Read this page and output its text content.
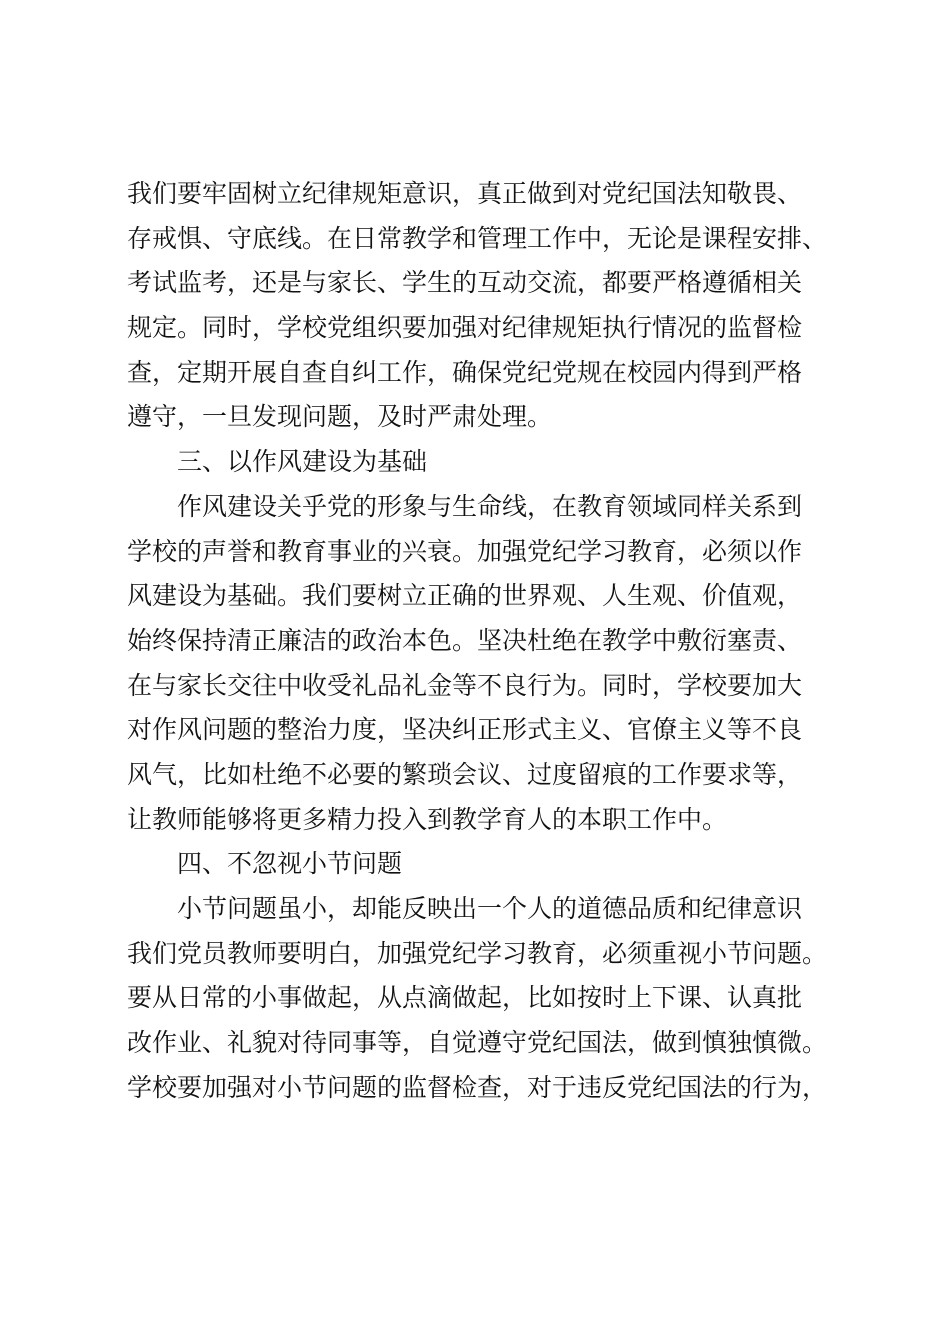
我们要牢固树立纪律规矩意识，真正做到对党纪国法知敬畏、
存戒惧、守底线。在日常教学和管理工作中，无论是课程安排、
考试监考，还是与家长、学生的互动交流，都要严格遵循相关
规定。同时，学校党组织要加强对纪律规矩执行情况的监督检
查，定期开展自查自纠工作，确保党纪党规在校园内得到严格
遵守，一旦发现问题，及时严肃处理。
三、以作风建设为基础
作风建设关乎党的形象与生命线，在教育领域同样关系到
学校的声誉和教育事业的兴衰。加强党纪学习教育，必须以作
风建设为基础。我们要树立正确的世界观、人生观、价值观，
始终保持清正廉洁的政治本色。坚决杜绝在教学中敷衍塞责、
在与家长交往中收受礼品礼金等不良行为。同时，学校要加大
对作风问题的整治力度，坚决纠正形式主义、官僚主义等不良
风气，比如杜绝不必要的繁琐会议、过度留痕的工作要求等，
让教师能够将更多精力投入到教学育人的本职工作中。
四、不忽视小节问题
小节问题虽小，却能反映出一个人的道德品质和纪律意识
我们党员教师要明白，加强党纪学习教育，必须重视小节问题。
要从日常的小事做起，从点滴做起，比如按时上下课、认真批
改作业、礼貌对待同事等，自觉遵守党纪国法，做到慎独慎微。
学校要加强对小节问题的监督检查，对于违反党纪国法的行为，
